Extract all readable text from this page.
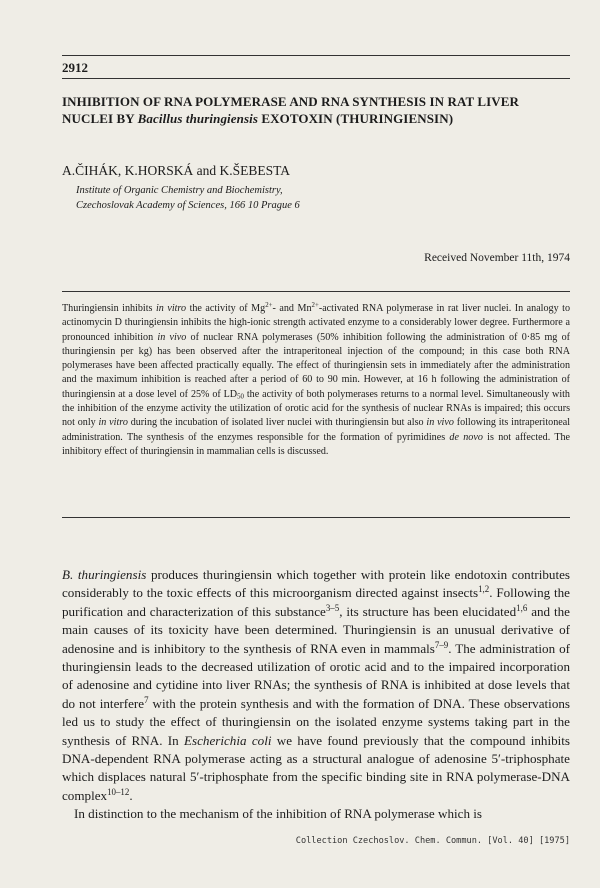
2912
INHIBITION OF RNA POLYMERASE AND RNA SYNTHESIS IN RAT LIVER NUCLEI BY Bacillus thuringiensis EXOTOXIN (THURINGIENSIN)
A.ČIHÁK, K.HORSKÁ and K.ŠEBESTA
Institute of Organic Chemistry and Biochemistry,
Czechoslovak Academy of Sciences, 166 10 Prague 6
Received November 11th, 1974

Thuringiensin inhibits in vitro the activity of $Mg^{2+}-$ and $Mn^{2+}$-activated RNA polymerase in rat liver nuclei. In analogy to actinomycin D thuringiensin inhibits the high-ionic strength activated enzyme to a considerably lower degree. Furthermore a pronounced inhibition in vivo of nuclear RNA polymerases (50% inhibition following the administration of 0·85 mg of thuringiensin per kg) has been observed after the intraperitoneal injection of the compound; in this case both RNA polymerases have been affected practically equally. The effect of thuringiensin sets in immediately after the administration and the maximum inhibition is reached after a period of 60 to 90 min. However, at 16 h following the administration of thuringiensin at a dose level of 25% of $LD_{50}$ the activity of both polymerases returns to a normal level. Simultaneously with the inhibition of the enzyme activity the utilization of orotic acid for the synthesis of nuclear RNAs is impaired; this occurs not only in vitro during the incubation of isolated liver nuclei with thuringiensin but also in vivo following its intraperitoneal administration. The synthesis of the enzymes responsible for the formation of pyrimidines de novo is not affected. The inhibitory effect of thuringiensin in mammalian cells is discussed.

B. thuringiensis produces thuringiensin which together with protein like endotoxin contributes considerably to the toxic effects of this microorganism directed against insects$^{1,2}$. Following the purification and characterization of this substance$^{3-5}$, its structure has been elucidated$^{1,6}$ and the main causes of its toxicity have been determined. Thuringiensin is an unusual derivative of adenosine and is inhibitory to the synthesis of RNA even in mammals$^{7-9}$. The administration of thuringiensin leads to the decreased utilization of orotic acid and to the impaired incorporation of adenosine and cytidine into liver RNAs; the synthesis of RNA is inhibited at dose levels that do not interfere$^7$ with the protein synthesis and with the formation of DNA. These observations led us to study the effect of thuringiensin on the isolated enzyme systems taking part in the synthesis of RNA. In Escherichia coli we have found previously that the compound inhibits DNA-dependent RNA polymerase acting as a structural analogue of adenosine 5′-triphosphate which displaces natural 5′-triphosphate from the specific binding site in RNA polymerase-DNA complex$^{10-12}$.

In distinction to the mechanism of the inhibition of RNA polymerase which is

Collection Czechoslov. Chem. Commun. [Vol. 40] [1975]
